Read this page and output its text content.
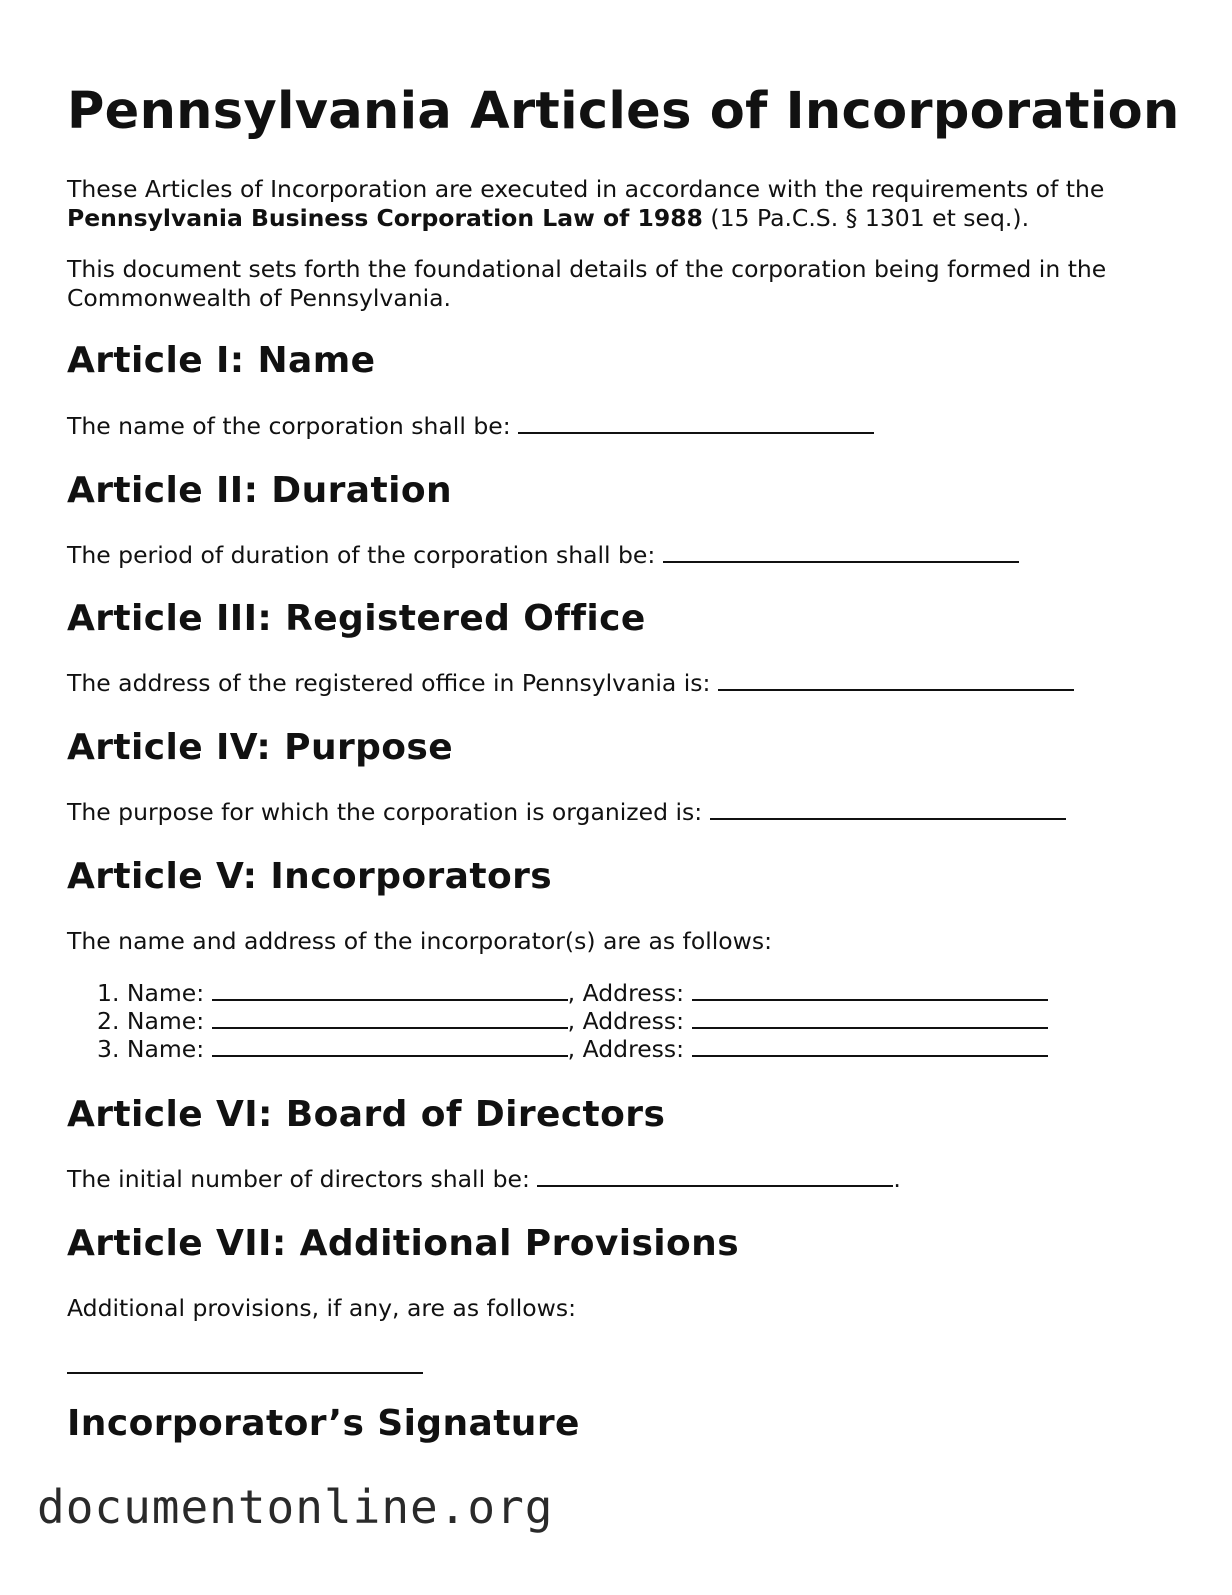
Pennsylvania Articles of Incorporation

These Articles of Incorporation are executed in accordance with the requirements of the Pennsylvania Business Corporation Law of 1988 (15 Pa.C.S. § 1301 et seq.).

This document sets forth the foundational details of the corporation being formed in the Commonwealth of Pennsylvania.

Article I: Name
The name of the corporation shall be:
Article II: Duration
The period of duration of the corporation shall be:
Article III: Registered Office
The address of the registered office in Pennsylvania is:
Article IV: Purpose
The purpose for which the corporation is organized is:
Article V: Incorporators
The name and address of the incorporator(s) are as follows:
1. Name:	, Address:
2. Name:	, Address:
3. Name:	, Address:
Article VI: Board of Directors
The initial number of directors shall be:	.
Article VII: Additional Provisions
Additional provisions, if any, are as follows:
Incorporator’s Signature
documentonline.org
